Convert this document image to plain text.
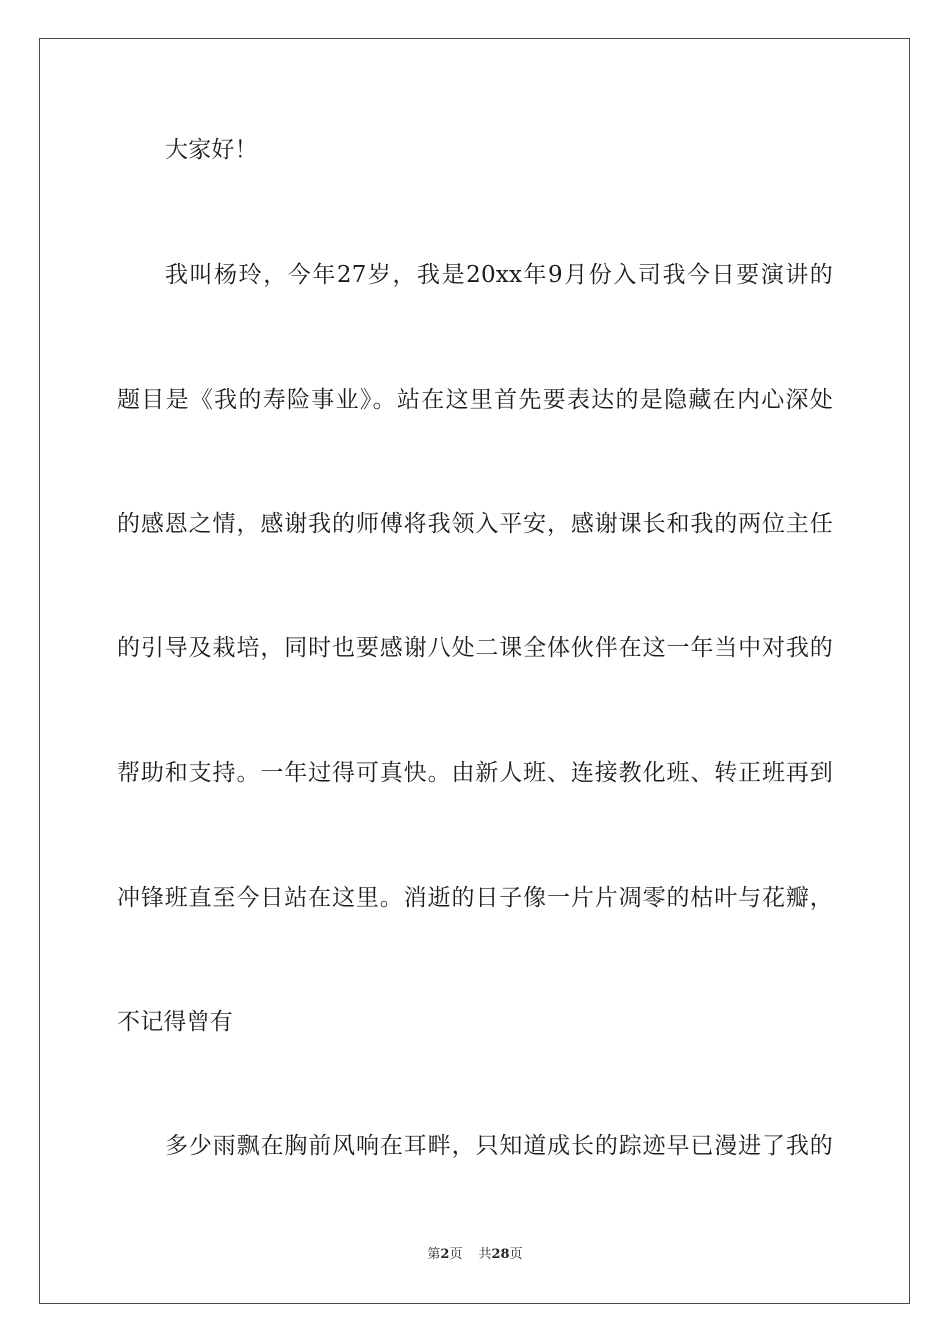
大家好！
我叫杨玲，今年27岁，我是20xx年9月份入司我今日要演讲的
题目是《我的寿险事业》。站在这里首先要表达的是隐藏在内心深处
的感恩之情，感谢我的师傅将我领入平安，感谢课长和我的两位主任
的引导及栽培，同时也要感谢八处二课全体伙伴在这一年当中对我的
帮助和支持。一年过得可真快。由新人班、连接教化班、转正班再到
冲锋班直至今日站在这里。消逝的日子像一片片凋零的枯叶与花瓣，
不记得曾有
多少雨飘在胸前风响在耳畔，只知道成长的踪迹早已漫进了我的
第2页 共28页
